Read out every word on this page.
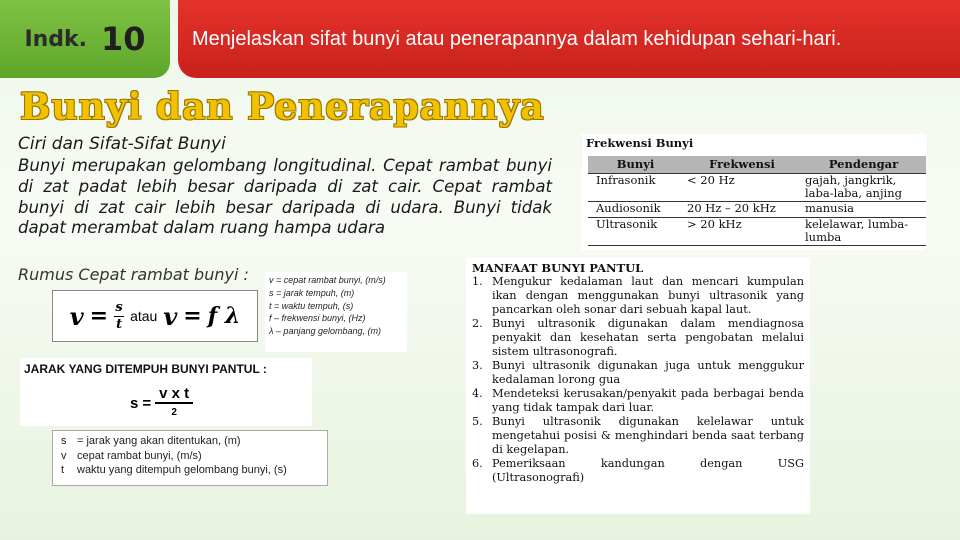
Indk. 10 Menjelaskan sifat bunyi atau penerapannya dalam kehidupan sehari-hari.
Bunyi dan Penerapannya
Ciri dan Sifat-Sifat Bunyi
Bunyi merupakan gelombang longitudinal. Cepat rambat bunyi di zat padat lebih besar daripada di zat cair. Cepat rambat bunyi di zat cair lebih besar daripada di udara. Bunyi tidak dapat merambat dalam ruang hampa udara
Rumus Cepat rambat bunyi :
$v = \frac{s}{t}$ atau v = f λ
v = cepat rambat bunyi, (m/s)
s = jarak tempuh, (m)
t = waktu tempuh, (s)
f – frekwensi bunyi, (Hz)
λ – panjang gelombang, (m)
JARAK YANG DITEMPUH BUNYI PANTUL :
$s = \frac{\text{v x t}}{2}$
s = jarak yang akan ditentukan, (m)
v cepat rambat bunyi, (m/s)
t waktu yang ditempuh gelombang bunyi, (s)
Frekwensi Bunyi
Bunyi	Frekwensi	Pendengar
Infrasonik	< 20 Hz	gajah, jangkrik, laba-laba, anjing
Audiosonik	20 Hz – 20 kHz	manusia
Ultrasonik	> 20 kHz	kelelawar, lumba-lumba
MANFAAT BUNYI PANTUL
1. Mengukur kedalaman laut dan mencari kumpulan ikan dengan menggunakan bunyi ultrasonik yang pancarkan oleh sonar dari sebuah kapal laut.
2. Bunyi ultrasonik digunakan dalam mendiagnosa penyakit dan kesehatan serta pengobatan melalui sistem ultrasonografi.
3. Bunyi ultrasonik digunakan juga untuk menggukur kedalaman lorong gua
4. Mendeteksi kerusakan/penyakit pada berbagai benda yang tidak tampak dari luar.
5. Bunyi ultrasonik digunakan kelelawar untuk mengetahui posisi & menghindari benda saat terbang di kegelapan.
6. Pemeriksaan kandungan dengan USG (Ultrasonografi)
